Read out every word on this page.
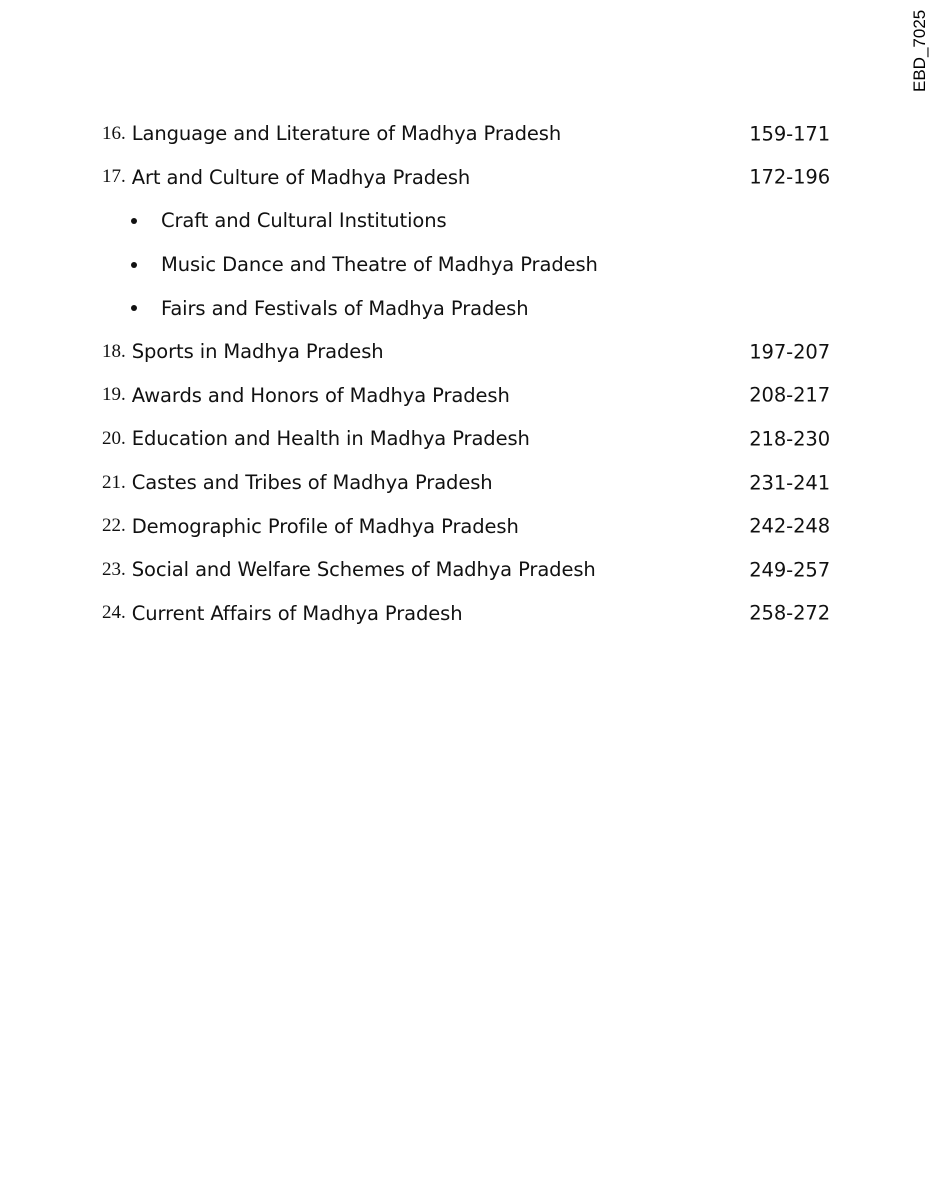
EBD_7025
16. Language and Literature of Madhya Pradesh	159-171
17. Art and Culture of Madhya Pradesh	172-196
Craft and Cultural Institutions
Music Dance and Theatre of Madhya Pradesh
Fairs and Festivals of Madhya Pradesh
18. Sports in Madhya Pradesh	197-207
19. Awards and Honors of Madhya Pradesh	208-217
20. Education and Health in Madhya Pradesh	218-230
21. Castes and Tribes of Madhya Pradesh	231-241
22. Demographic Profile of Madhya Pradesh	242-248
23. Social and Welfare Schemes of Madhya Pradesh	249-257
24. Current Affairs of Madhya Pradesh	258-272
